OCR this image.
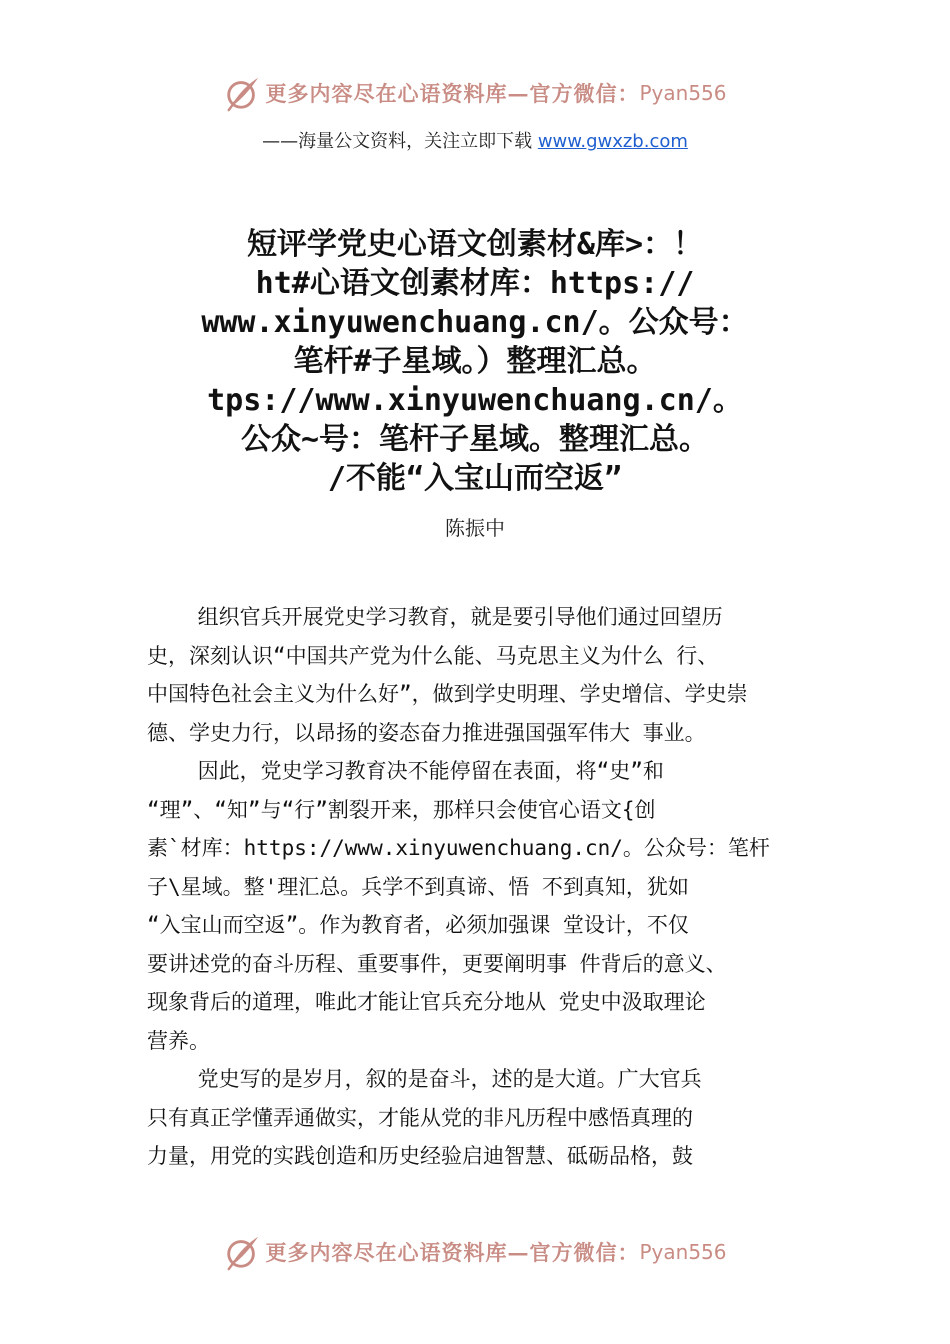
更多内容尽在心语资料库—官方微信： Pyan556
——海量公文资料，关注立即下载 www.gwxzb.com
短评学党史心语文创素材&库>：！
ht#心语文创素材库：https://
www.xinyuwenchuang.cn/。公众号：
笔杆#子星域。）整理汇总。
tps://www.xinyuwenchuang.cn/。
公众~号：笔杆子星域。整理汇总。
/不能“入宝山而空返”
陈振中
组织官兵开展党史学习教育，就是要引导他们通过回望历
史，深刻认识“中国共产党为什么能、马克思主义为什么 行、
中国特色社会主义为什么好”，做到学史明理、学史增信、学史崇
德、学史力行，以昂扬的姿态奋力推进强国强军伟大 事业。
因此，党史学习教育决不能停留在表面，将“史”和
“理”、“知”与“行”割裂开来，那样只会使官心语文{创
素`材库：https://www.xinyuwenchuang.cn/。公众号：笔杆
子\星域。整'理汇总。兵学不到真谛、悟 不到真知，犹如
“入宝山而空返”。作为教育者，必须加强课 堂设计，不仅
要讲述党的奋斗历程、重要事件，更要阐明事 件背后的意义、
现象背后的道理，唯此才能让官兵充分地从 党史中汲取理论
营养。
党史写的是岁月，叙的是奋斗，述的是大道。广大官兵
只有真正学懂弄通做实，才能从党的非凡历程中感悟真理的
力量，用党的实践创造和历史经验启迪智慧、砥砺品格，鼓
更多内容尽在心语资料库—官方微信： Pyan556
